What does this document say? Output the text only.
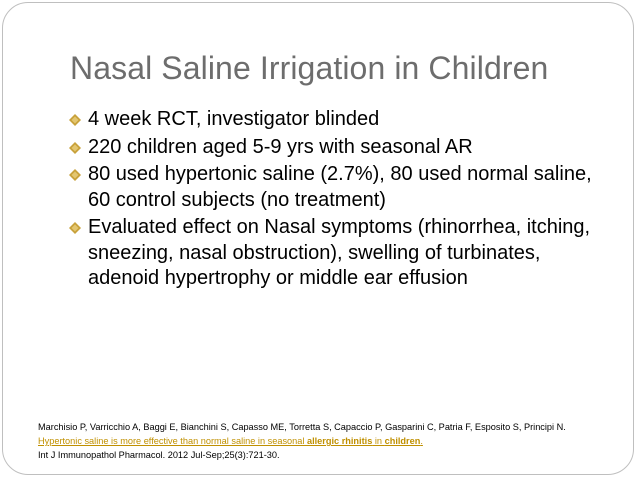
Nasal Saline Irrigation in Children
4 week RCT, investigator blinded
220 children aged 5-9 yrs with seasonal AR
80 used hypertonic saline (2.7%), 80 used normal saline, 60 control subjects (no treatment)
Evaluated effect on Nasal symptoms (rhinorrhea, itching, sneezing, nasal obstruction), swelling of turbinates, adenoid hypertrophy or middle ear effusion
Marchisio P, Varricchio A, Baggi E, Bianchini S, Capasso ME, Torretta S, Capaccio P, Gasparini C, Patria F, Esposito S, Principi N.
Hypertonic saline is more effective than normal saline in seasonal allergic rhinitis in children.
Int J Immunopathol Pharmacol. 2012 Jul-Sep;25(3):721-30.
